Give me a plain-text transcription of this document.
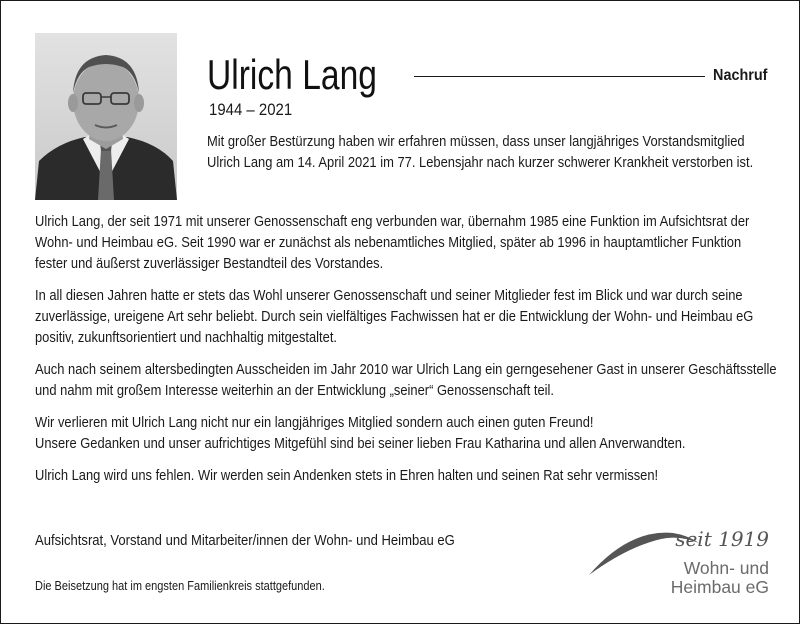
Ulrich Lang
1944 – 2021
Nachruf
Mit großer Bestürzung haben wir erfahren müssen, dass unser langjähriges Vorstandsmitglied
Ulrich Lang am 14. April 2021 im 77. Lebensjahr nach kurzer schwerer Krankheit verstorben ist.
Ulrich Lang, der seit 1971 mit unserer Genossenschaft eng verbunden war, übernahm 1985 eine Funktion im Aufsichtsrat der
Wohn- und Heimbau eG. Seit 1990 war er zunächst als nebenamtliches Mitglied, später ab 1996 in hauptamtlicher Funktion
fester und äußerst zuverlässiger Bestandteil des Vorstandes.
In all diesen Jahren hatte er stets das Wohl unserer Genossenschaft und seiner Mitglieder fest im Blick und war durch seine
zuverlässige, ureigene Art sehr beliebt. Durch sein vielfältiges Fachwissen hat er die Entwicklung der Wohn- und Heimbau eG
positiv, zukunftsorientiert und nachhaltig mitgestaltet.
Auch nach seinem altersbedingten Ausscheiden im Jahr 2010 war Ulrich Lang ein gerngesehener Gast in unserer Geschäftsstelle
und nahm mit großem Interesse weiterhin an der Entwicklung „seiner“ Genossenschaft teil.
Wir verlieren mit Ulrich Lang nicht nur ein langjähriges Mitglied sondern auch einen guten Freund!
Unsere Gedanken und unser aufrichtiges Mitgefühl sind bei seiner lieben Frau Katharina und allen Anverwandten.
Ulrich Lang wird uns fehlen. Wir werden sein Andenken stets in Ehren halten und seinen Rat sehr vermissen!
Aufsichtsrat, Vorstand und Mitarbeiter/innen der Wohn- und Heimbau eG
Die Beisetzung hat im engsten Familienkreis stattgefunden.
seit 1919
Wohn- und
Heimbau eG
